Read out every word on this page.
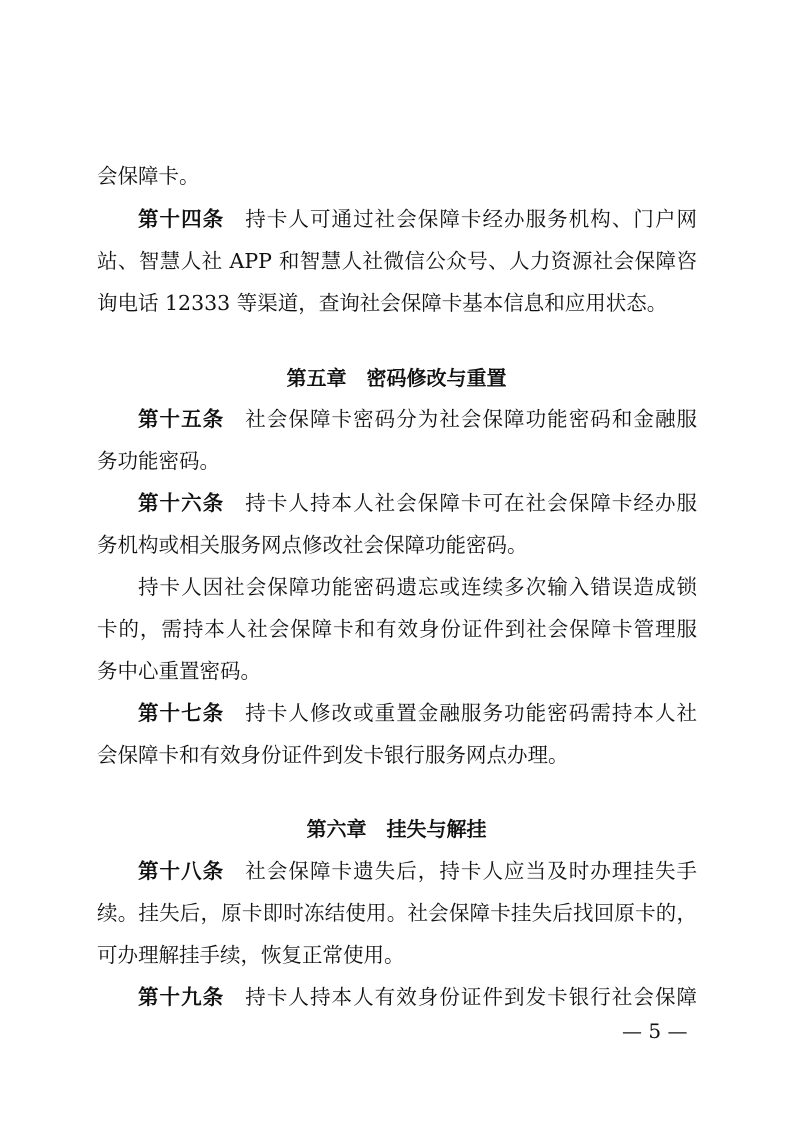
会保障卡。
第十四条 持卡人可通过社会保障卡经办服务机构、门户网
站、智慧人社 APP 和智慧人社微信公众号、人力资源社会保障咨
询电话 12333 等渠道，查询社会保障卡基本信息和应用状态。
第五章　密码修改与重置
第十五条 社会保障卡密码分为社会保障功能密码和金融服
务功能密码。
第十六条 持卡人持本人社会保障卡可在社会保障卡经办服
务机构或相关服务网点修改社会保障功能密码。
持卡人因社会保障功能密码遗忘或连续多次输入错误造成锁
卡的，需持本人社会保障卡和有效身份证件到社会保障卡管理服
务中心重置密码。
第十七条 持卡人修改或重置金融服务功能密码需持本人社
会保障卡和有效身份证件到发卡银行服务网点办理。
第六章　挂失与解挂
第十八条 社会保障卡遗失后，持卡人应当及时办理挂失手
续。挂失后，原卡即时冻结使用。社会保障卡挂失后找回原卡的，
可办理解挂手续，恢复正常使用。
第十九条 持卡人持本人有效身份证件到发卡银行社会保障
— 5 —
